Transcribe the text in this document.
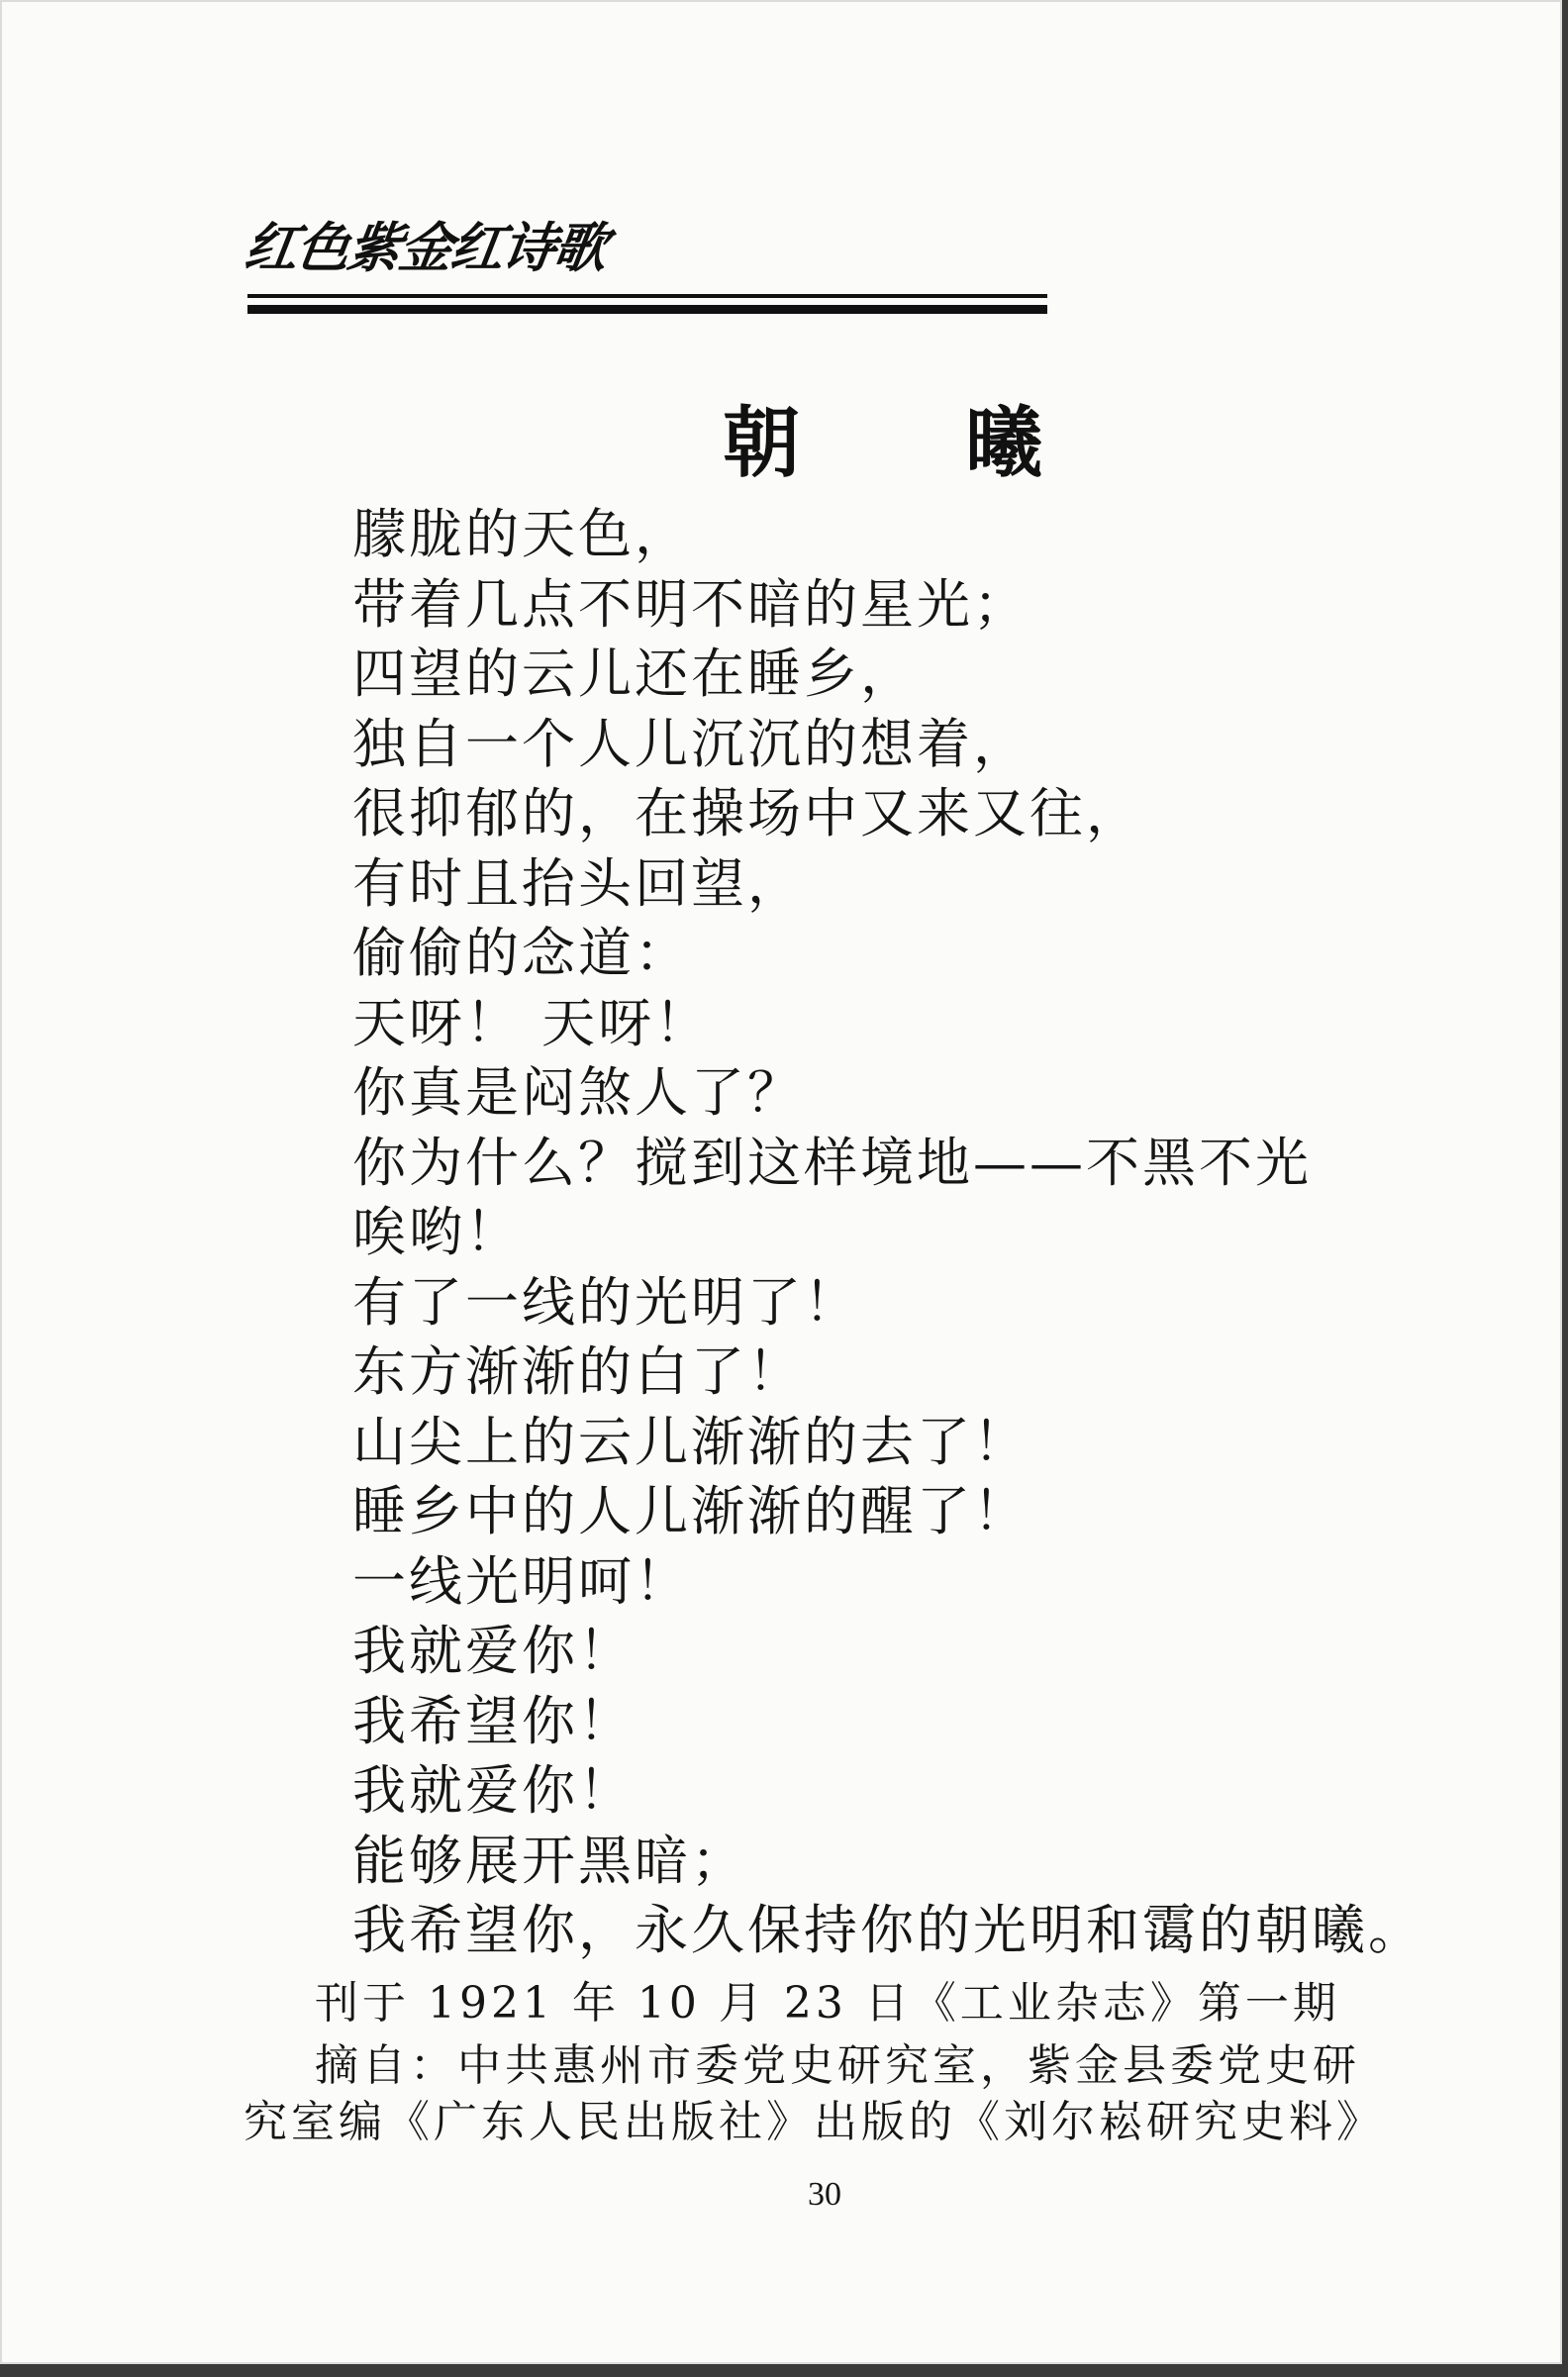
红色紫金红诗歌
朝 曦
朦胧的天色，
带着几点不明不暗的星光；
四望的云儿还在睡乡，
独自一个人儿沉沉的想着，
很抑郁的，在操场中又来又往，
有时且抬头回望，
偷偷的念道：
天呀！ 天呀！
你真是闷煞人了？
你为什么？搅到这样境地——不黑不光
唉哟！
有了一线的光明了！
东方渐渐的白了！
山尖上的云儿渐渐的去了！
睡乡中的人儿渐渐的醒了！
一线光明呵！
我就爱你！
我希望你！
我就爱你！
能够展开黑暗；
我希望你，永久保持你的光明和霭的朝曦。
刊于 1921 年 10 月 23 日《工业杂志》第一期
摘自：中共惠州市委党史研究室，紫金县委党史研
究室编《广东人民出版社》出版的《刘尔崧研究史料》
30
